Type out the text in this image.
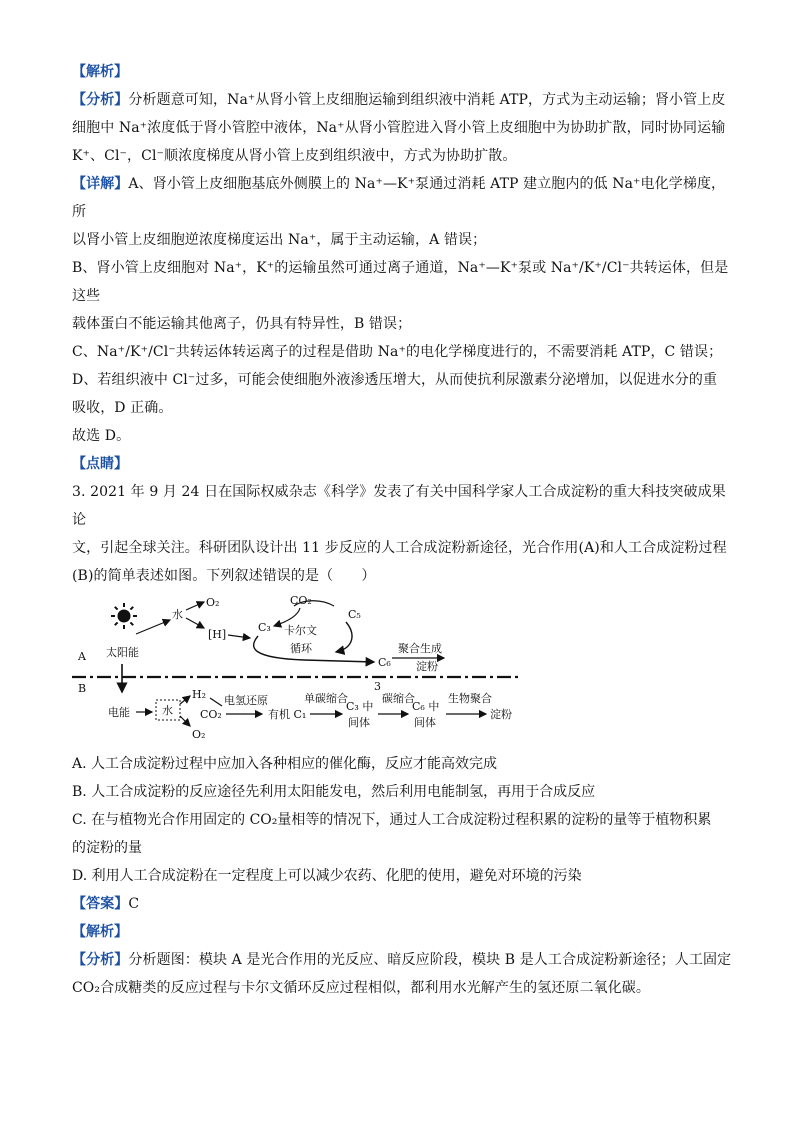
【解析】

【分析】分析题意可知，Na⁺从肾小管上皮细胞运输到组织液中消耗 ATP，方式为主动运输；肾小管上皮

细胞中 Na⁺浓度低于肾小管腔中液体，Na⁺从肾小管腔进入肾小管上皮细胞中为协助扩散，同时协同运输

K⁺、Cl⁻，Cl⁻顺浓度梯度从肾小管上皮到组织液中，方式为协助扩散。

【详解】A、肾小管上皮细胞基底外侧膜上的 Na⁺—K⁺泵通过消耗 ATP 建立胞内的低 Na⁺电化学梯度，所

以肾小管上皮细胞逆浓度梯度运出 Na⁺，属于主动运输，A 错误；

B、肾小管上皮细胞对 Na⁺，K⁺的运输虽然可通过离子通道，Na⁺—K⁺泵或 Na⁺/K⁺/Cl⁻共转运体，但是这些

载体蛋白不能运输其他离子，仍具有特异性，B 错误；

C、Na⁺/K⁺/Cl⁻共转运体转运离子的过程是借助 Na⁺的电化学梯度进行的，不需要消耗 ATP，C 错误；

D、若组织液中 Cl⁻过多，可能会使细胞外液渗透压增大，从而使抗利尿激素分泌增加，以促进水分的重

吸收，D 正确。

故选 D。

【点睛】

3. 2021 年 9 月 24 日在国际权威杂志《科学》发表了有关中国科学家人工合成淀粉的重大科技突破成果论

文，引起全球关注。科研团队设计出 11 步反应的人工合成淀粉新途径，光合作用(A)和人工合成淀粉过程

(B)的简单表述如图。下列叙述错误的是（　　）

A 太阳能
水
O₂
[H]
CO₂
C₃
C₅
卡尔文
循环
C₆
聚合生成
淀粉
B
电能	水
H₂
O₂
CO₂
电氢还原
有机 C₁
单碳缩合
C₃ 中
间体
3
碳缩合
C₆ 中
间体
生物聚合
淀粉

A. 人工合成淀粉过程中应加入各种相应的催化酶，反应才能高效完成

B. 人工合成淀粉的反应途径先利用太阳能发电，然后利用电能制氢，再用于合成反应

C. 在与植物光合作用固定的 CO₂量相等的情况下，通过人工合成淀粉过程积累的淀粉的量等于植物积累

的淀粉的量

D. 利用人工合成淀粉在一定程度上可以减少农药、化肥的使用，避免对环境的污染

【答案】C

【解析】

【分析】分析题图：模块 A 是光合作用的光反应、暗反应阶段，模块 B 是人工合成淀粉新途径；人工固定

CO₂合成糖类的反应过程与卡尔文循环反应过程相似，都利用水光解产生的氢还原二氧化碳。
